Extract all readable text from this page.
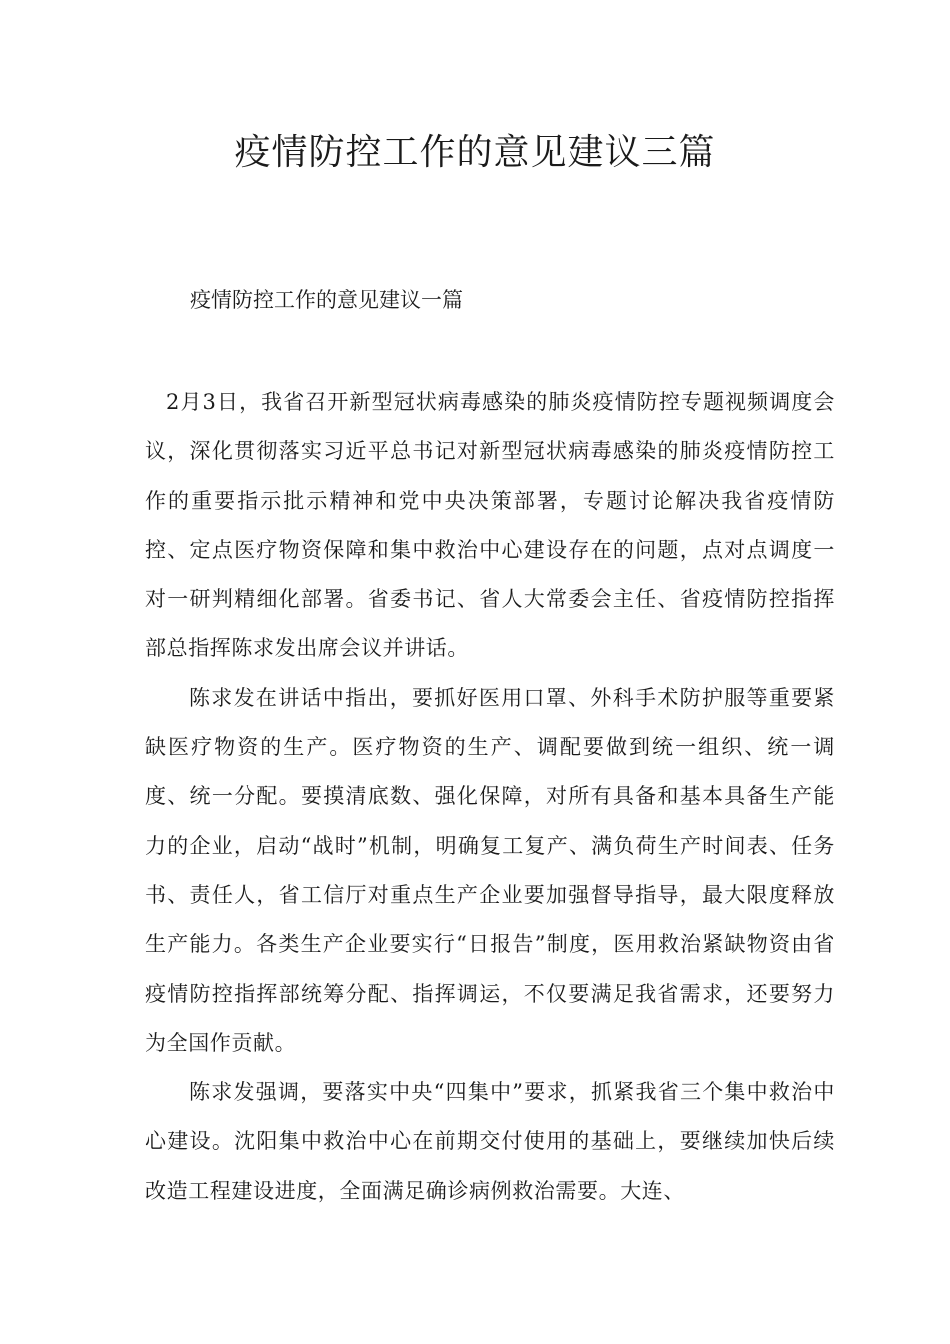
疫情防控工作的意见建议三篇
疫情防控工作的意见建议一篇

2月3日，我省召开新型冠状病毒感染的肺炎疫情防控专题视频调度会议，深化贯彻落实习近平总书记对新型冠状病毒感染的肺炎疫情防控工作的重要指示批示精神和党中央决策部署，专题讨论解决我省疫情防控、定点医疗物资保障和集中救治中心建设存在的问题，点对点调度一对一研判精细化部署。省委书记、省人大常委会主任、省疫情防控指挥部总指挥陈求发出席会议并讲话。

陈求发在讲话中指出，要抓好医用口罩、外科手术防护服等重要紧缺医疗物资的生产。医疗物资的生产、调配要做到统一组织、统一调度、统一分配。要摸清底数、强化保障，对所有具备和基本具备生产能力的企业，启动“战时”机制，明确复工复产、满负荷生产时间表、任务书、责任人，省工信厅对重点生产企业要加强督导指导，最大限度释放生产能力。各类生产企业要实行“日报告”制度，医用救治紧缺物资由省疫情防控指挥部统筹分配、指挥调运，不仅要满足我省需求，还要努力为全国作贡献。

陈求发强调，要落实中央“四集中”要求，抓紧我省三个集中救治中心建设。沈阳集中救治中心在前期交付使用的基础上，要继续加快后续改造工程建设进度，全面满足确诊病例救治需要。大连、
